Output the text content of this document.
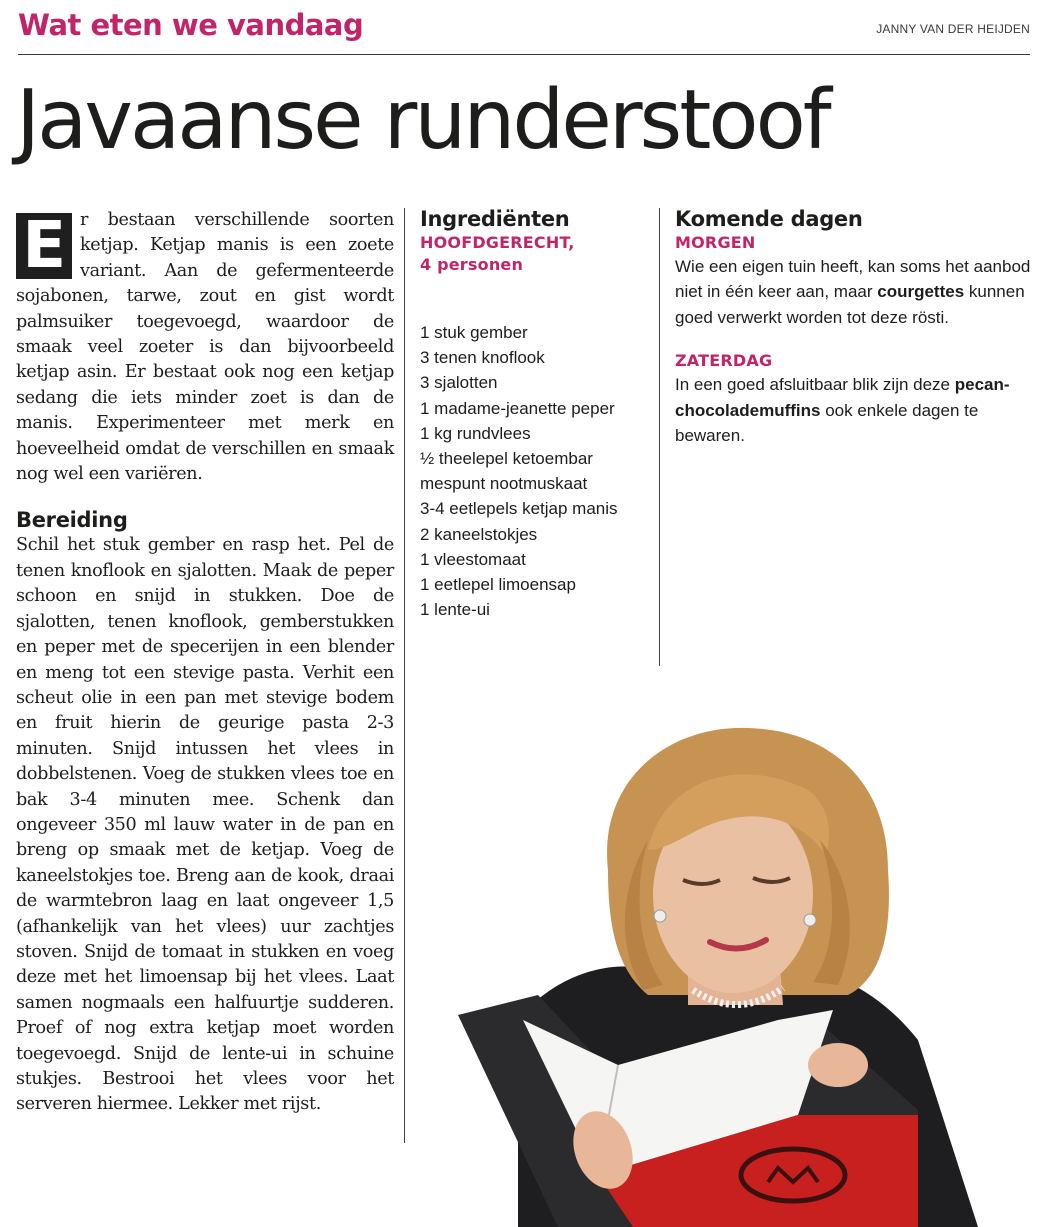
Wat eten we vandaag	JANNY VAN DER HEIJDEN
Javaanse runderstoof
E r bestaan verschillende soorten ketjap. Ketjap manis is een zoete variant. Aan de gefermenteerde sojabonen, tarwe, zout en gist wordt palmsuiker toegevoegd, waardoor de smaak veel zoeter is dan bijvoorbeeld ketjap asin. Er bestaat ook nog een ketjap sedang die iets minder zoet is dan de manis. Experimenteer met merk en hoeveelheid omdat de verschillen en smaak nog wel een variëren.

Bereiding

Schil het stuk gember en rasp het. Pel de tenen knoflook en sjalotten. Maak de peper schoon en snijd in stukken. Doe de sjalotten, tenen knoflook, gemberstukken en peper met de specerijen in een blender en meng tot een stevige pasta. Verhit een scheut olie in een pan met stevige bodem en fruit hierin de geurige pasta 2-3 minuten. Snijd intussen het vlees in dobbelstenen. Voeg de stukken vlees toe en bak 3-4 minuten mee. Schenk dan ongeveer 350 ml lauw water in de pan en breng op smaak met de ketjap. Voeg de kaneelstokjes toe. Breng aan de kook, draai de warmtebron laag en laat ongeveer 1,5 (afhankelijk van het vlees) uur zachtjes stoven. Snijd de tomaat in stukken en voeg deze met het limoensap bij het vlees. Laat samen nogmaals een halfuurtje sudderen. Proef of nog extra ketjap moet worden toegevoegd. Snijd de lente-ui in schuine stukjes. Bestrooi het vlees voor het serveren hiermee. Lekker met rijst.

Ingrediënten
HOOFDGERECHT,
4 personen
1 stuk gember
3 tenen knoflook
3 sjalotten
1 madame-jeanette peper
1 kg rundvlees
½ theelepel ketoembar
mespunt nootmuskaat
3-4 eetlepels ketjap manis
2 kaneelstokjes
1 vleestomaat
1 eetlepel limoensap
1 lente-ui
Komende dagen
MORGEN

Wie een eigen tuin heeft, kan soms het aanbod niet in één keer aan, maar courgettes kunnen goed verwerkt worden tot deze rösti.

ZATERDAG

In een goed afsluitbaar blik zijn deze pecan-chocolademuffins ook enkele dagen te bewaren.
